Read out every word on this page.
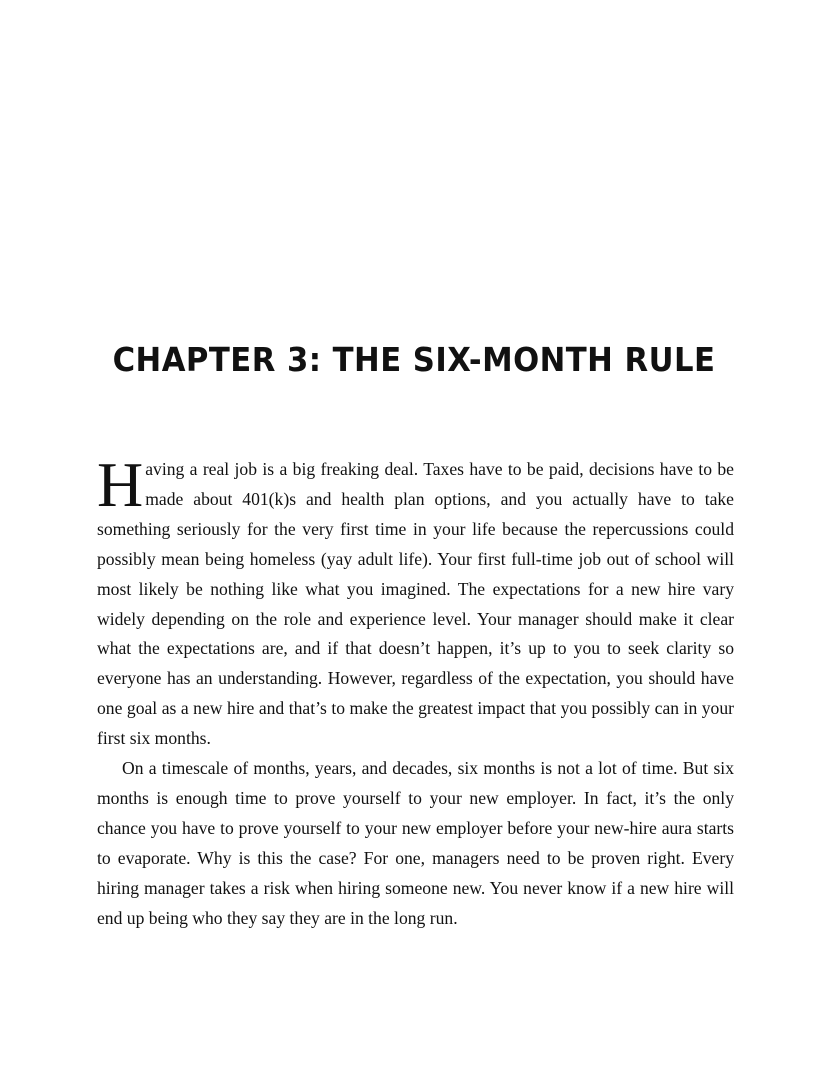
CHAPTER 3: THE SIX-MONTH RULE

Having a real job is a big freaking deal. Taxes have to be paid, decisions have to be made about 401(k)s and health plan options, and you actually have to take something seriously for the very first time in your life because the repercussions could possibly mean being homeless (yay adult life). Your first full-time job out of school will most likely be nothing like what you imagined. The expectations for a new hire vary widely depending on the role and experience level. Your manager should make it clear what the expectations are, and if that doesn’t happen, it’s up to you to seek clarity so everyone has an understanding. However, regardless of the expectation, you should have one goal as a new hire and that’s to make the greatest impact that you possibly can in your first six months.

On a timescale of months, years, and decades, six months is not a lot of time. But six months is enough time to prove yourself to your new employer. In fact, it’s the only chance you have to prove yourself to your new employer before your new-hire aura starts to evaporate. Why is this the case? For one, managers need to be proven right. Every hiring manager takes a risk when hiring someone new. You never know if a new hire will end up being who they say they are in the long run.
